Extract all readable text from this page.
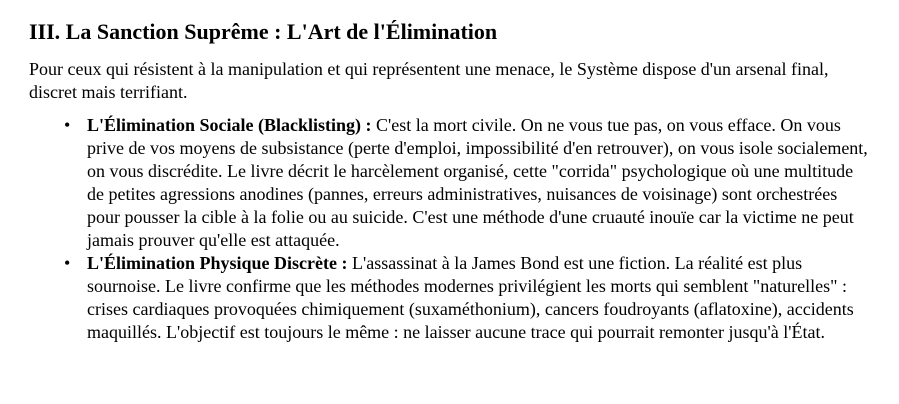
III. La Sanction Suprême : L'Art de l'Élimination

Pour ceux qui résistent à la manipulation et qui représentent une menace, le Système dispose d'un arsenal final, discret mais terrifiant.

• L'Élimination Sociale (Blacklisting) : C'est la mort civile. On ne vous tue pas, on vous efface. On vous prive de vos moyens de subsistance (perte d'emploi, impossibilité d'en retrouver), on vous isole socialement, on vous discrédite. Le livre décrit le harcèlement organisé, cette "corrida" psychologique où une multitude de petites agressions anodines (pannes, erreurs administratives, nuisances de voisinage) sont orchestrées pour pousser la cible à la folie ou au suicide. C'est une méthode d'une cruauté inouïe car la victime ne peut jamais prouver qu'elle est attaquée.
• L'Élimination Physique Discrète : L'assassinat à la James Bond est une fiction. La réalité est plus sournoise. Le livre confirme que les méthodes modernes privilégient les morts qui semblent "naturelles" : crises cardiaques provoquées chimiquement (suxaméthonium), cancers foudroyants (aflatoxine), accidents maquillés. L'objectif est toujours le même : ne laisser aucune trace qui pourrait remonter jusqu'à l'État.
